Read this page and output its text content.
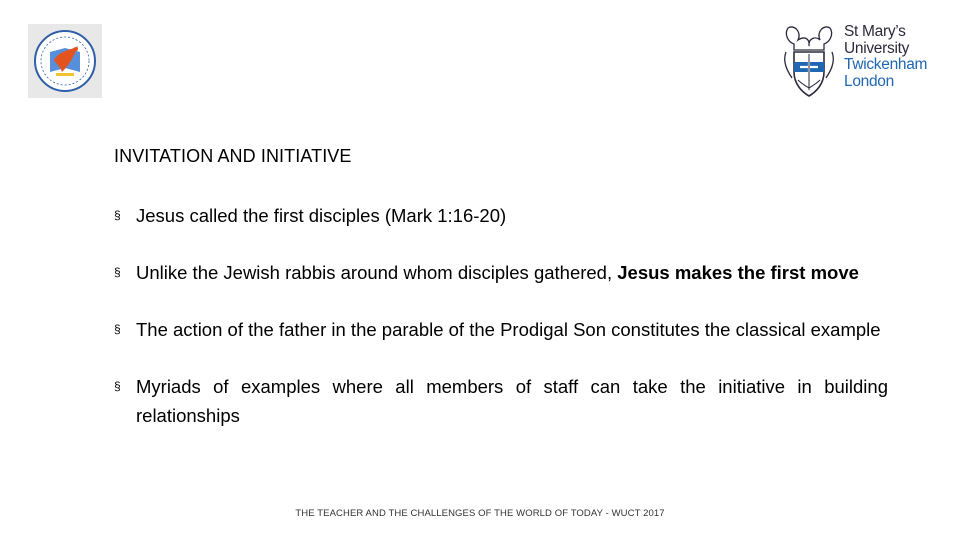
St Mary’s
University
Twickenham
London
INVITATION AND INITIATIVE
§ Jesus called the first disciples (Mark 1:16-20)
§ Unlike the Jewish rabbis around whom disciples gathered, Jesus makes the first move
§ The action of the father in the parable of the Prodigal Son constitutes the classical example
§ Myriads of examples where all members of staff can take the initiative in building relationships
THE TEACHER AND THE CHALLENGES OF THE WORLD OF TODAY - WUCT 2017
